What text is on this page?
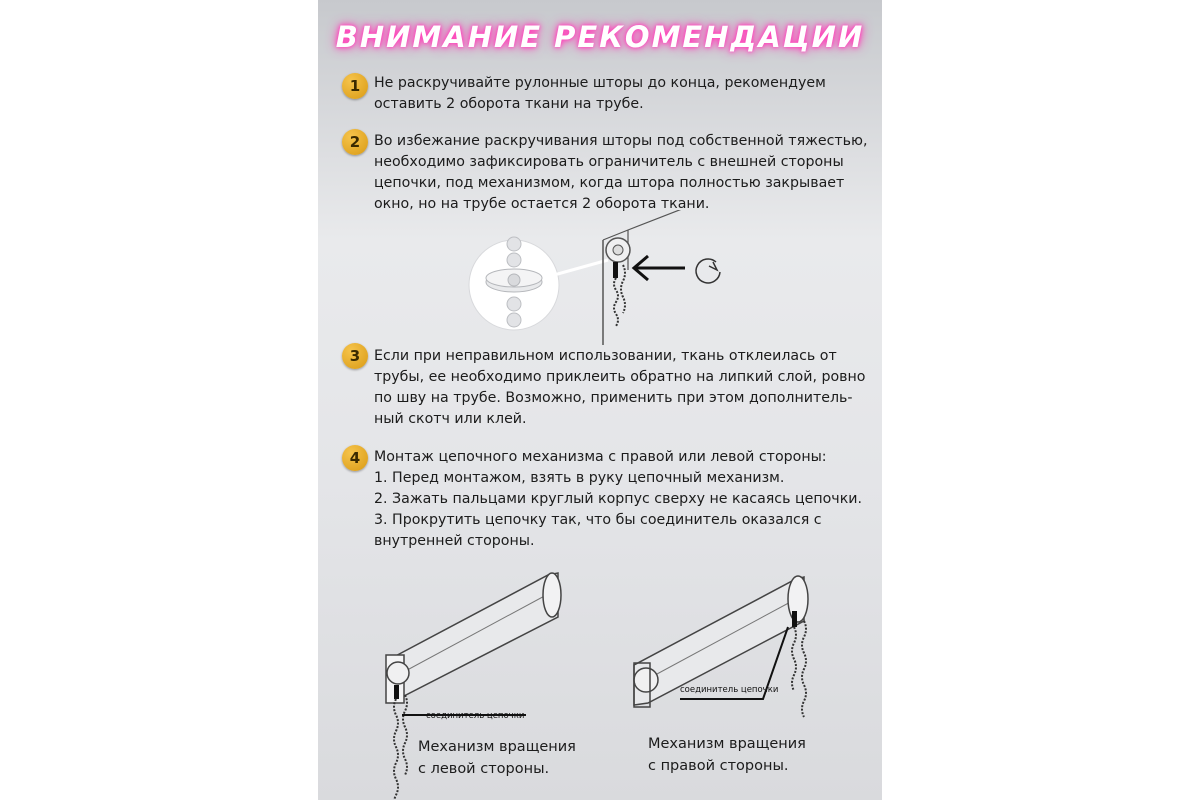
ВНИМАНИЕ РЕКОМЕНДАЦИИ
1 Не раскручивайте рулонные шторы до конца, рекомендуем
оставить 2 оборота ткани на трубе.
2 Во избежание раскручивания шторы под собственной тяжестью,
необходимо зафиксировать ограничитель с внешней стороны
цепочки, под механизмом, когда штора полностью закрывает
окно, но на трубе остается 2 оборота ткани.
3 Если при неправильном использовании, ткань отклеилась от
трубы, ее необходимо приклеить обратно на липкий слой, ровно
по шву на трубе. Возможно, применить при этом дополнитель-
ный скотч или клей.
4 Монтаж цепочного механизма с правой или левой стороны:
1. Перед монтажом, взять в руку цепочный механизм.
2. Зажать пальцами круглый корпус сверху не касаясь цепочки.
3. Прокрутить цепочку так, что бы соединитель оказался с
внутренней стороны.
соединитель цепочки
соединитель цепочки
Механизм вращения
с левой стороны.
Механизм вращения
с правой стороны.
